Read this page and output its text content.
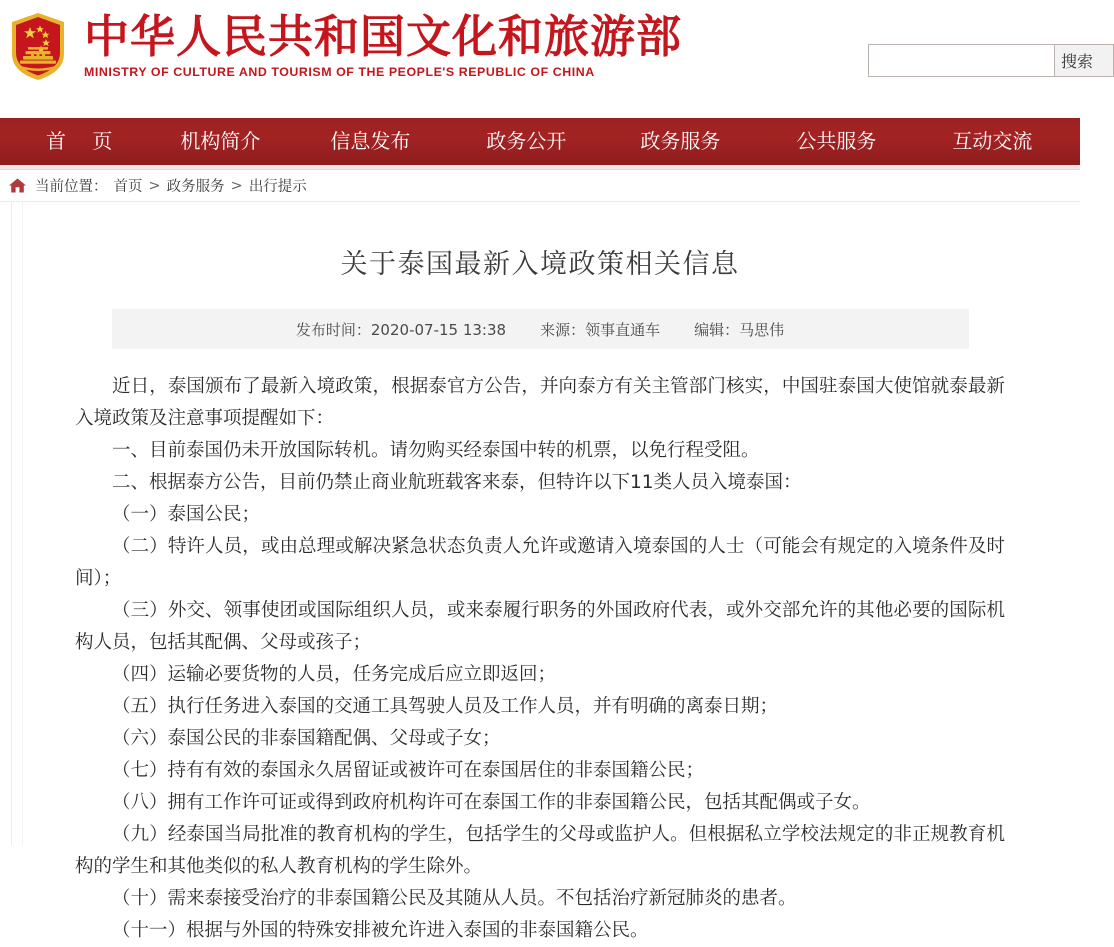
中华人民共和国文化和旅游部
MINISTRY OF CULTURE AND TOURISM OF THE PEOPLE'S REPUBLIC OF CHINA
搜索
首 页	机构简介	信息发布	政务公开	政务服务	公共服务	互动交流
当前位置： 首页 > 政务服务 > 出行提示
关于泰国最新入境政策相关信息
发布时间：2020-07-15 13:38 来源：领事直通车 编辑：马思伟

近日，泰国颁布了最新入境政策，根据泰官方公告，并向泰方有关主管部门核实，中国驻泰国大使馆就泰最新入境政策及注意事项提醒如下：

一、目前泰国仍未开放国际转机。请勿购买经泰国中转的机票，以免行程受阻。

二、根据泰方公告，目前仍禁止商业航班载客来泰，但特许以下11类人员入境泰国：

（一）泰国公民；

（二）特许人员，或由总理或解决紧急状态负责人允许或邀请入境泰国的人士（可能会有规定的入境条件及时间）；

（三）外交、领事使团或国际组织人员，或来泰履行职务的外国政府代表，或外交部允许的其他必要的国际机构人员，包括其配偶、父母或孩子；

（四）运输必要货物的人员，任务完成后应立即返回；

（五）执行任务进入泰国的交通工具驾驶人员及工作人员，并有明确的离泰日期；

（六）泰国公民的非泰国籍配偶、父母或子女；

（七）持有有效的泰国永久居留证或被许可在泰国居住的非泰国籍公民；

（八）拥有工作许可证或得到政府机构许可在泰国工作的非泰国籍公民，包括其配偶或子女。

（九）经泰国当局批准的教育机构的学生，包括学生的父母或监护人。但根据私立学校法规定的非正规教育机构的学生和其他类似的私人教育机构的学生除外。

（十）需来泰接受治疗的非泰国籍公民及其随从人员。不包括治疗新冠肺炎的患者。

（十一）根据与外国的特殊安排被允许进入泰国的非泰国籍公民。
